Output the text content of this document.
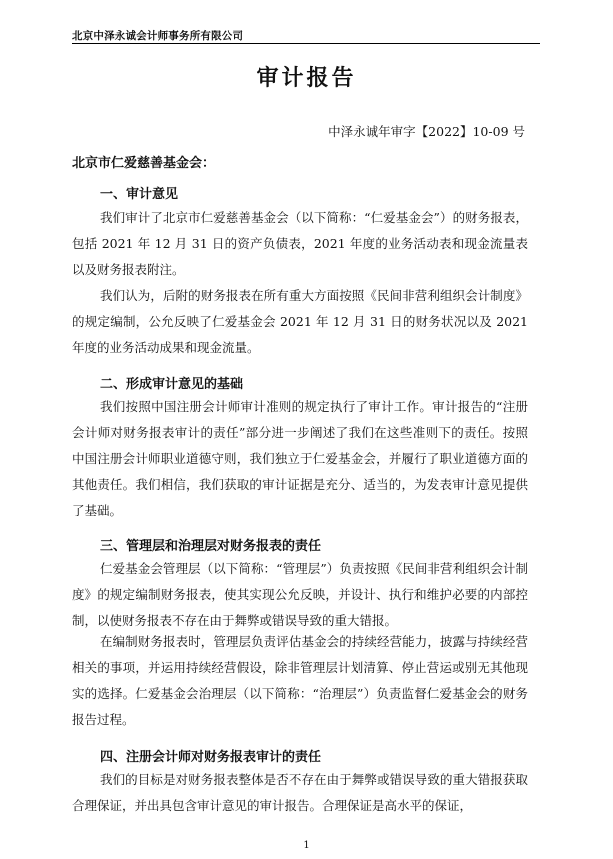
北京中泽永诚会计师事务所有限公司
审计报告
中泽永诚年审字【2022】10-09 号
北京市仁爱慈善基金会：
一、审计意见

我们审计了北京市仁爱慈善基金会（以下简称：“仁爱基金会”）的财务报表，包括 2021 年 12 月 31 日的资产负债表，2021 年度的业务活动表和现金流量表以及财务报表附注。

我们认为，后附的财务报表在所有重大方面按照《民间非营利组织会计制度》的规定编制，公允反映了仁爱基金会 2021 年 12 月 31 日的财务状况以及 2021 年度的业务活动成果和现金流量。

二、形成审计意见的基础

我们按照中国注册会计师审计准则的规定执行了审计工作。审计报告的“注册会计师对财务报表审计的责任”部分进一步阐述了我们在这些准则下的责任。按照中国注册会计师职业道德守则，我们独立于仁爱基金会，并履行了职业道德方面的其他责任。我们相信，我们获取的审计证据是充分、适当的，为发表审计意见提供了基础。

三、管理层和治理层对财务报表的责任

仁爱基金会管理层（以下简称：“管理层”）负责按照《民间非营利组织会计制度》的规定编制财务报表，使其实现公允反映，并设计、执行和维护必要的内部控制，以使财务报表不存在由于舞弊或错误导致的重大错报。

在编制财务报表时，管理层负责评估基金会的持续经营能力，披露与持续经营相关的事项，并运用持续经营假设，除非管理层计划清算、停止营运或别无其他现实的选择。仁爱基金会治理层（以下简称：“治理层”）负责监督仁爱基金会的财务报告过程。

四、注册会计师对财务报表审计的责任

我们的目标是对财务报表整体是否不存在由于舞弊或错误导致的重大错报获取合理保证，并出具包含审计意见的审计报告。合理保证是高水平的保证，

1
